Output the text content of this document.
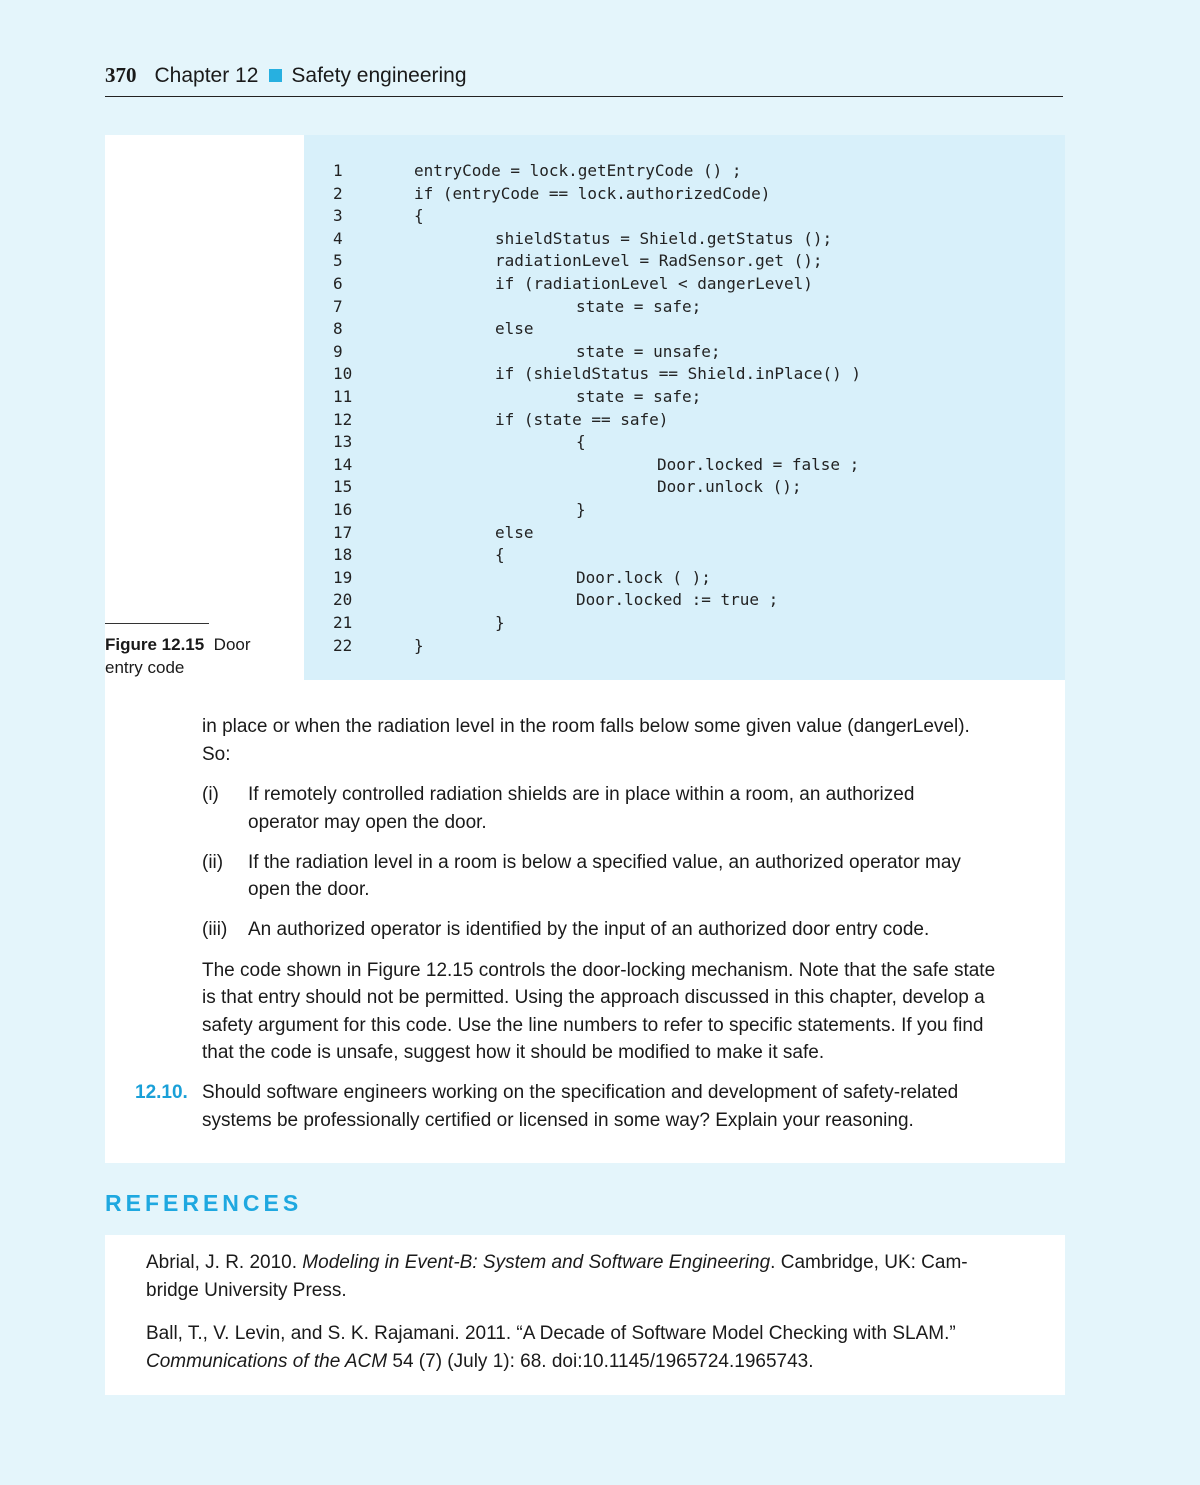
370 Chapter 12 Safety engineering
1	entryCode = lock.getEntryCode () ;
2	if (entryCode == lock.authorizedCode)
3	{
4	shieldStatus = Shield.getStatus ();
5	radiationLevel = RadSensor.get ();
6	if (radiationLevel < dangerLevel)
7	state = safe;
8	else
9	state = unsafe;
10	if (shieldStatus == Shield.inPlace() )
11	state = safe;
12	if (state == safe)
13	{
14	Door.locked = false ;
15	Door.unlock ();
16	}
17	else
18	{
19	Door.lock ( );
20	Door.locked := true ;
21	}
22	}
Figure 12.15 Door entry code
in place or when the radiation level in the room falls below some given value (dangerLevel).
So:
(i) If remotely controlled radiation shields are in place within a room, an authorized
operator may open the door.
(ii) If the radiation level in a room is below a specified value, an authorized operator may
open the door.
(iii) An authorized operator is identified by the input of an authorized door entry code.
The code shown in Figure 12.15 controls the door-locking mechanism. Note that the safe state
is that entry should not be permitted. Using the approach discussed in this chapter, develop a
safety argument for this code. Use the line numbers to refer to specific statements. If you find
that the code is unsafe, suggest how it should be modified to make it safe.
12.10. Should software engineers working on the specification and development of safety-related
systems be professionally certified or licensed in some way? Explain your reasoning.
REFERENCES
Abrial, J. R. 2010. Modeling in Event-B: System and Software Engineering. Cambridge, UK: Cam-
bridge University Press.
Ball, T., V. Levin, and S. K. Rajamani. 2011. “A Decade of Software Model Checking with SLAM.”
Communications of the ACM 54 (7) (July 1): 68. doi:10.1145/1965724.1965743.
